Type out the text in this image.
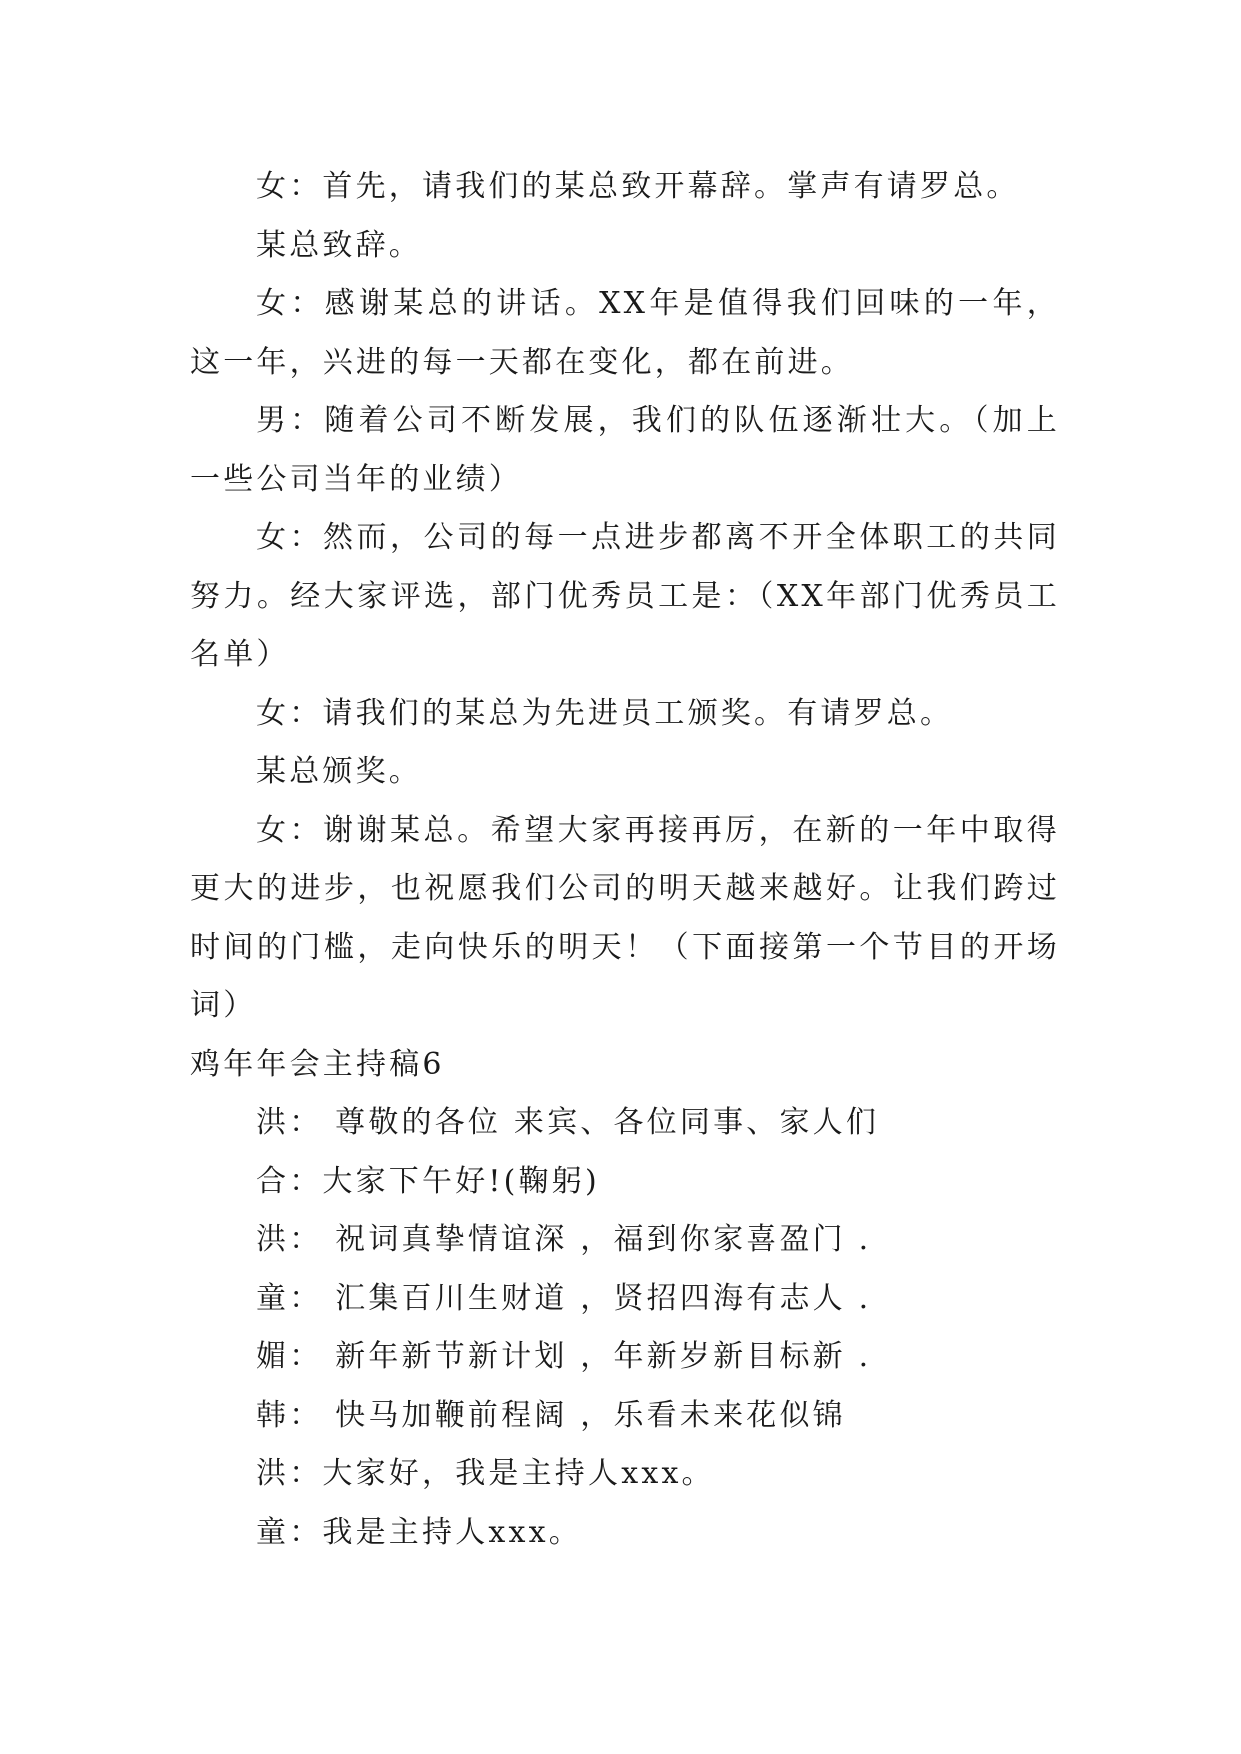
女：首先，请我们的某总致开幕辞。掌声有请罗总。

某总致辞。

女：感谢某总的讲话。XX年是值得我们回味的一年，这一年，兴进的每一天都在变化，都在前进。

男：随着公司不断发展，我们的队伍逐渐壮大。（加上一些公司当年的业绩）

女：然而，公司的每一点进步都离不开全体职工的共同努力。经大家评选，部门优秀员工是：（XX年部门优秀员工名单）

女：请我们的某总为先进员工颁奖。有请罗总。

某总颁奖。

女：谢谢某总。希望大家再接再厉，在新的一年中取得更大的进步，也祝愿我们公司的明天越来越好。让我们跨过时间的门槛，走向快乐的明天！（下面接第一个节目的开场词）

鸡年年会主持稿6

洪： 尊敬的各位 来宾、各位同事、家人们

合：大家下午好!(鞠躬)

洪： 祝词真挚情谊深 ，福到你家喜盈门 .

童： 汇集百川生财道 ，贤招四海有志人 .

媚： 新年新节新计划 ，年新岁新目标新 .

韩： 快马加鞭前程阔 ，乐看未来花似锦

洪：大家好，我是主持人xxx。

童：我是主持人xxx。
